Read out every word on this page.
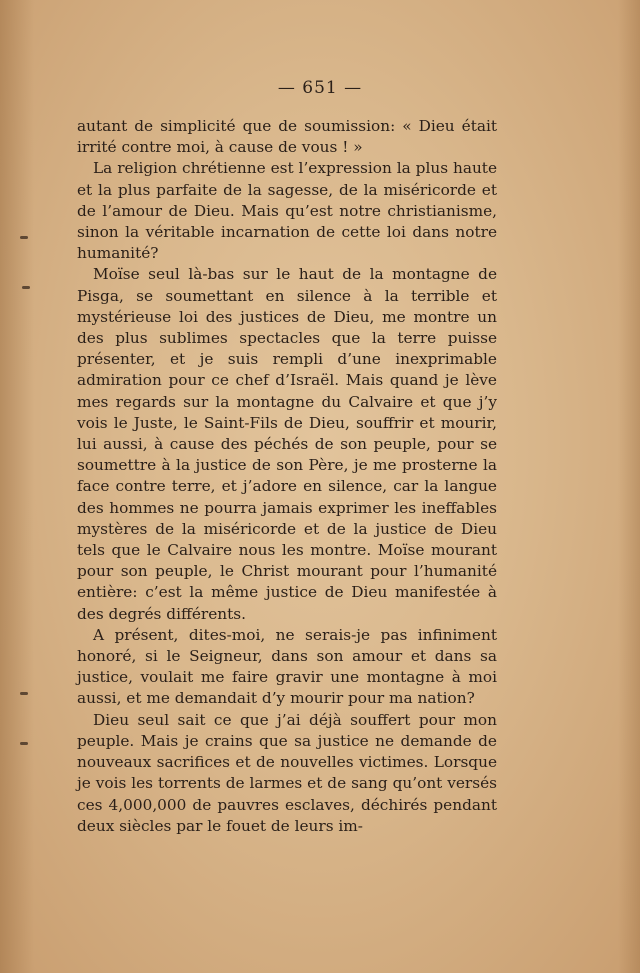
— 651 —

autant de simplicité que de soumission: « Dieu était irrité contre moi, à cause de vous ! »

La religion chrétienne est l’expression la plus haute et la plus parfaite de la sagesse, de la miséricorde et de l’amour de Dieu. Mais qu’est notre christianisme, sinon la véritable incarnation de cette loi dans notre humanité?

Moïse seul là-bas sur le haut de la montagne de Pisga, se soumettant en silence à la terrible et mystérieuse loi des justices de Dieu, me montre un des plus sublimes spectacles que la terre puisse présenter, et je suis rempli d’une inexprimable admiration pour ce chef d’Israël. Mais quand je lève mes regards sur la montagne du Calvaire et que j’y vois le Juste, le Saint-Fils de Dieu, souffrir et mourir, lui aussi, à cause des péchés de son peuple, pour se soumettre à la justice de son Père, je me prosterne la face contre terre, et j’adore en silence, car la langue des hommes ne pourra jamais exprimer les ineffables mystères de la miséricorde et de la justice de Dieu tels que le Calvaire nous les montre. Moïse mourant pour son peuple, le Christ mourant pour l’humanité entière: c’est la même justice de Dieu manifestée à des degrés différents.

A présent, dites-moi, ne serais-je pas infiniment honoré, si le Seigneur, dans son amour et dans sa justice, voulait me faire gravir une montagne à moi aussi, et me demandait d’y mourir pour ma nation?

Dieu seul sait ce que j’ai déjà souffert pour mon peuple. Mais je crains que sa justice ne demande de nouveaux sacrifices et de nouvelles victimes. Lorsque je vois les torrents de larmes et de sang qu’ont versés ces 4,000,000 de pauvres esclaves, déchirés pendant deux siècles par le fouet de leurs im-
